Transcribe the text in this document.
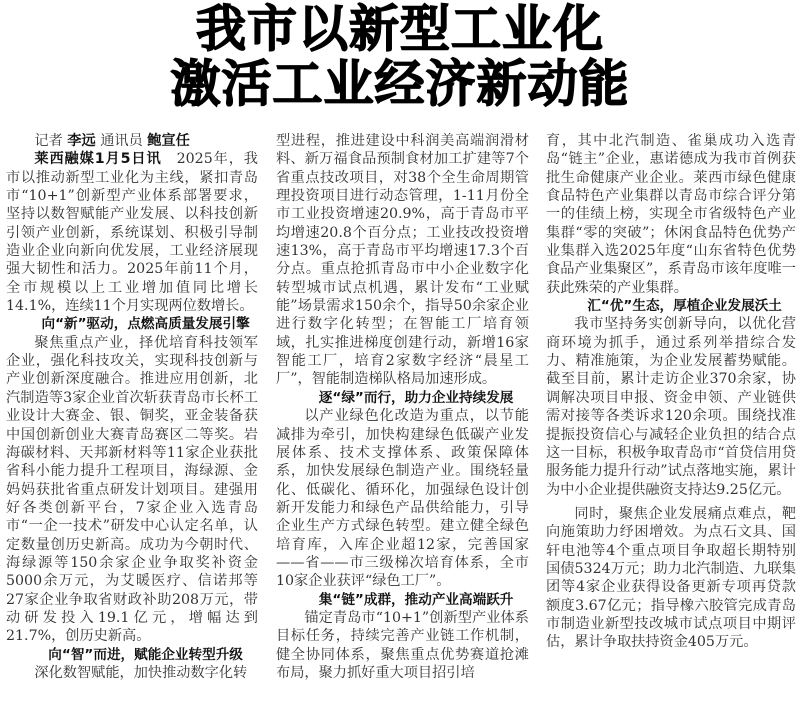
我市以新型工业化
激活工业经济新动能

记者 李远 通讯员 鲍宣任

莱西融媒1月5日讯　 2025年，我市以推动新型工业化为主线，紧扣青岛市“10+1”创新型产业体系部署要求，坚持以数智赋能产业发展、以科技创新引领产业创新，系统谋划、积极引导制造业企业向新向优发展，工业经济展现强大韧性和活力。2025年前11个月，全市规模以上工业增加值同比增长14.1%，连续11个月实现两位数增长。

向“新”驱动，点燃高质量发展引擎

聚焦重点产业，择优培育科技领军企业，强化科技攻关，实现科技创新与产业创新深度融合。推进应用创新，北汽制造等3家企业首次斩获青岛市长杯工业设计大赛金、银、铜奖，亚金装备获中国创新创业大赛青岛赛区二等奖。岩海碳材料、天邦新材料等11家企业获批省科小能力提升工程项目，海绿源、金妈妈获批省重点研发计划项目。建强用好各类创新平台，7家企业入选青岛市“一企一技术”研发中心认定名单，认定数量创历史新高。成功为今朝时代、海绿源等150余家企业争取奖补资金5000余万元，为艾暖医疗、信诺邦等27家企业争取省财政补助208万元，带动研发投入19.1亿元，增幅达到21.7%，创历史新高。

向“智”而进，赋能企业转型升级

深化数智赋能，加快推动数字化转

型进程，推进建设中科润美高端润滑材料、新万福食品预制食材加工扩建等7个省重点技改项目，对38个全生命周期管理投资项目进行动态管理，1-11月份全市工业投资增速20.9%，高于青岛市平均增速20.8个百分点；工业技改投资增速13%，高于青岛市平均增速17.3个百分点。重点抢抓青岛市中小企业数字化转型城市试点机遇，累计发布“工业赋能”场景需求150余个，指导50余家企业进行数字化转型；在智能工厂培育领域，扎实推进梯度创建行动，新增16家智能工厂，培育2家数字经济“晨星工厂”，智能制造梯队格局加速形成。

逐“绿”而行，助力企业持续发展

以产业绿色化改造为重点，以节能减排为牵引，加快构建绿色低碳产业发展体系、技术支撑体系、政策保障体系，加快发展绿色制造产业。围绕轻量化、低碳化、循环化，加强绿色设计创新开发能力和绿色产品供给能力，引导企业生产方式绿色转型。建立健全绿色培育库，入库企业超12家，完善国家——省——市三级梯次培育体系，全市10家企业获评“绿色工厂”。

集“链”成群，推动产业高端跃升

锚定青岛市“10+1”创新型产业体系目标任务，持续完善产业链工作机制，健全协同体系，聚焦重点优势赛道抢滩布局，聚力抓好重大项目招引培

育，其中北汽制造、雀巢成功入选青岛“链主”企业，惠诺德成为我市首例获批生命健康产业企业。莱西市绿色健康食品特色产业集群以青岛市综合评分第一的佳绩上榜，实现全市省级特色产业集群“零的突破”；休闲食品特色优势产业集群入选2025年度“山东省特色优势食品产业集聚区”，系青岛市该年度唯一获此殊荣的产业集群。

汇“优”生态，厚植企业发展沃土

我市坚持务实创新导向，以优化营商环境为抓手，通过系列举措综合发力、精准施策，为企业发展蓄势赋能。截至目前，累计走访企业370余家，协调解决项目申报、资金申领、产业链供需对接等各类诉求120余项。围绕找准提振投资信心与减轻企业负担的结合点这一目标，积极争取青岛市“首贷信用贷服务能力提升行动”试点落地实施，累计为中小企业提供融资支持达9.25亿元。

同时，聚焦企业发展痛点难点，靶向施策助力纾困增效。为点石文具、国轩电池等4个重点项目争取超长期特别国债5324万元；助力北汽制造、九联集团等4家企业获得设备更新专项再贷款额度3.67亿元；指导橡六胶管完成青岛市制造业新型技改城市试点项目中期评估，累计争取扶持资金405万元。
